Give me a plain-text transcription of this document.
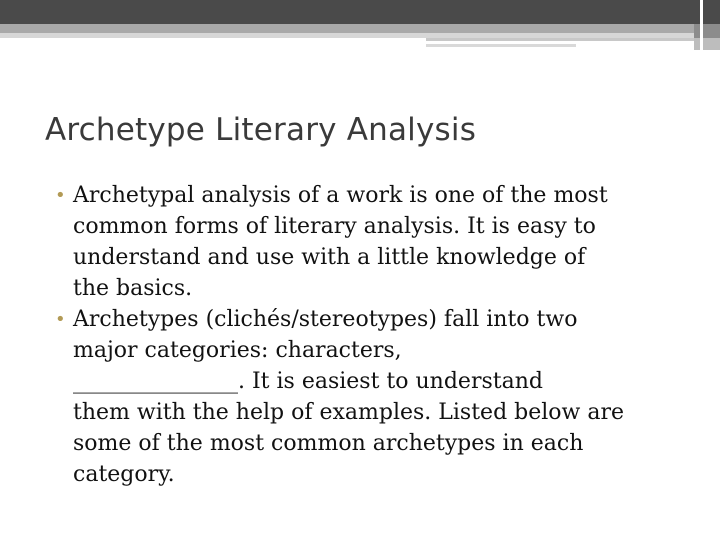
Archetype Literary Analysis
• Archetypal analysis of a work is one of the most
common forms of literary analysis. It is easy to
understand and use with a little knowledge of
the basics.
• Archetypes (clichés/stereotypes) fall into two
major categories: characters,
_______________. It is easiest to understand
them with the help of examples. Listed below are
some of the most common archetypes in each
category.
